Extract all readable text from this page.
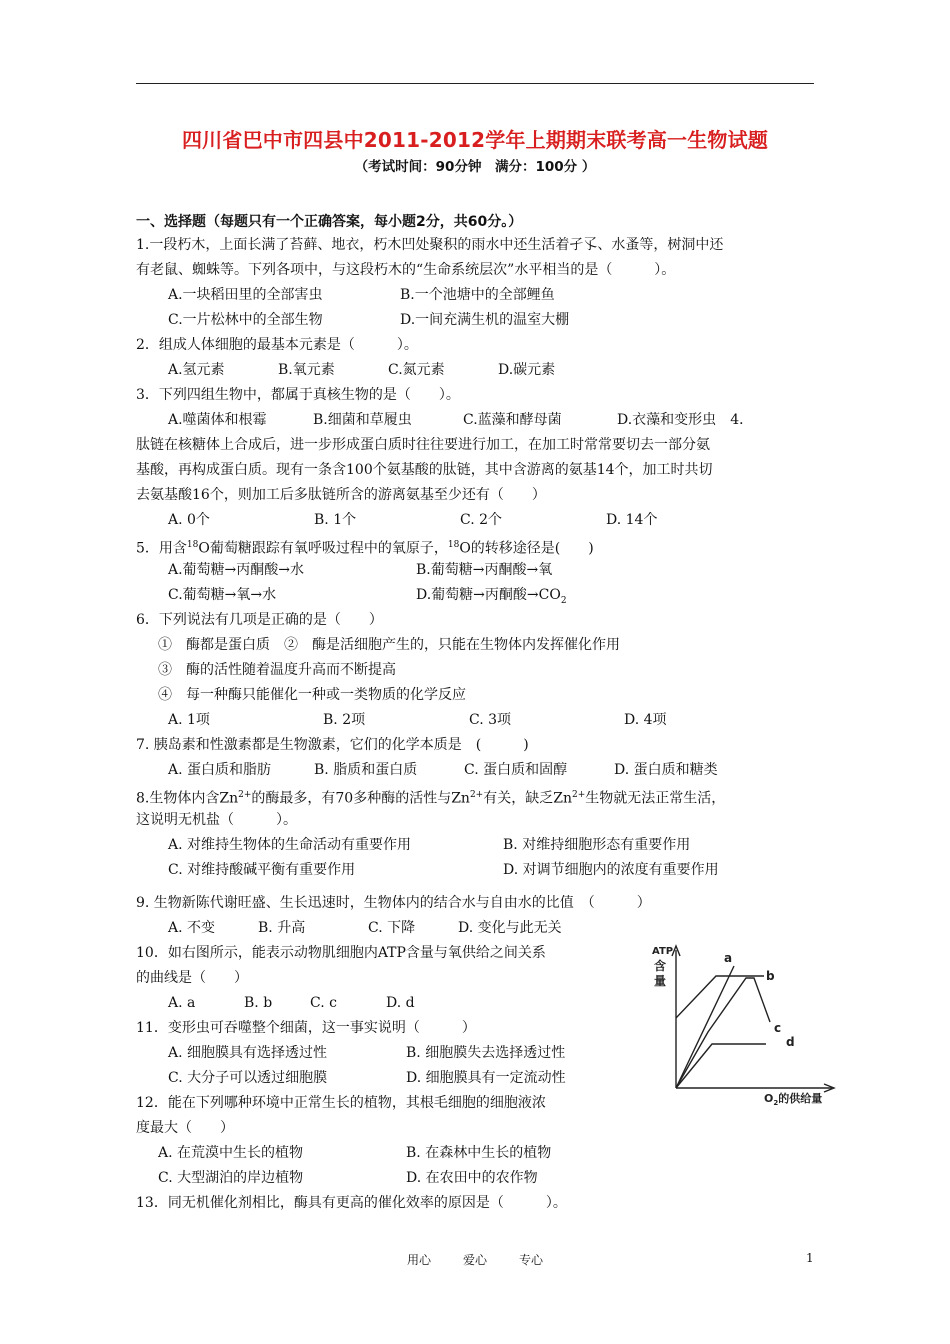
四川省巴中市四县中2011-2012学年上期期末联考高一生物试题
（考试时间：90分钟　满分：100分 ）
一、选择题（每题只有一个正确答案，每小题2分，共60分。）
1.一段朽木，上面长满了苔藓、地衣，朽木凹处聚积的雨水中还生活着孑孓、水蚤等，树洞中还
有老鼠、蜘蛛等。下列各项中，与这段朽木的“生命系统层次”水平相当的是（　　　）。
A.一块稻田里的全部害虫	B.一个池塘中的全部鲤鱼
C.一片松林中的全部生物	D.一间充满生机的温室大棚
2．组成人体细胞的最基本元素是（　　　）。
A.氢元素	B.氧元素	C.氮元素	D.碳元素
3．下列四组生物中，都属于真核生物的是（　　）。
A.噬菌体和根霉	B.细菌和草履虫	C.蓝藻和酵母菌	D.衣藻和变形虫 4．
肽链在核糖体上合成后，进一步形成蛋白质时往往要进行加工，在加工时常常要切去一部分氨
基酸，再构成蛋白质。现有一条含100个氨基酸的肽链，其中含游离的氨基14个，加工时共切
去氨基酸16个，则加工后多肽链所含的游离氨基至少还有（　　）
A. 0个	B. 1个	C. 2个	D. 14个
5．用含$^{18}$O葡萄糖跟踪有氧呼吸过程中的氧原子，$^{18}$O的转移途径是(　　)
A.葡萄糖→丙酮酸→水	B.葡萄糖→丙酮酸→氧
C.葡萄糖→氧→水	D.葡萄糖→丙酮酸$\to CO_2$
6．下列说法有几项是正确的是（　　）
①　酶都是蛋白质　②　酶是活细胞产生的，只能在生物体内发挥催化作用
③　酶的活性随着温度升高而不断提高
④　每一种酶只能催化一种或一类物质的化学反应
A. 1项	B. 2项	C. 3项	D. 4项
7. 胰岛素和性激素都是生物激素，它们的化学本质是　(　　　)
A. 蛋白质和脂肪	B. 脂质和蛋白质	C. 蛋白质和固醇	D. 蛋白质和糖类
8.生物体内含$Zn^{2+}$的酶最多，有70多种酶的活性与$Zn^{2+}$有关，缺乏$Zn^{2+}$生物就无法正常生活，
这说明无机盐（　　　）。
A. 对维持生物体的生命活动有重要作用	B. 对维持细胞形态有重要作用
C. 对维持酸碱平衡有重要作用	D. 对调节细胞内的浓度有重要作用
9. 生物新陈代谢旺盛、生长迅速时，生物体内的结合水与自由水的比值　（　　　）
A. 不变	B. 升高	C. 下降	D. 变化与此无关
10．如右图所示，能表示动物肌细胞内ATP含量与氧供给之间关系
的曲线是（　　）
A. a	B. b	C. c	D. d
11．变形虫可吞噬整个细菌，这一事实说明（　　　）
A. 细胞膜具有选择透过性	B. 细胞膜失去选择透过性
C. 大分子可以透过细胞膜	D. 细胞膜具有一定流动性
12．能在下列哪种环境中正常生长的植物，其根毛细胞的细胞液浓
度最大（　　）
A. 在荒漠中生长的植物	B. 在森林中生长的植物
C. 大型湖泊的岸边植物	D. 在农田中的农作物
13．同无机催化剂相比，酶具有更高的催化效率的原因是（　　　）。
ATP
含
量
a
b
c
d
$O_2$的供给量
用心	爱心	专心	1
